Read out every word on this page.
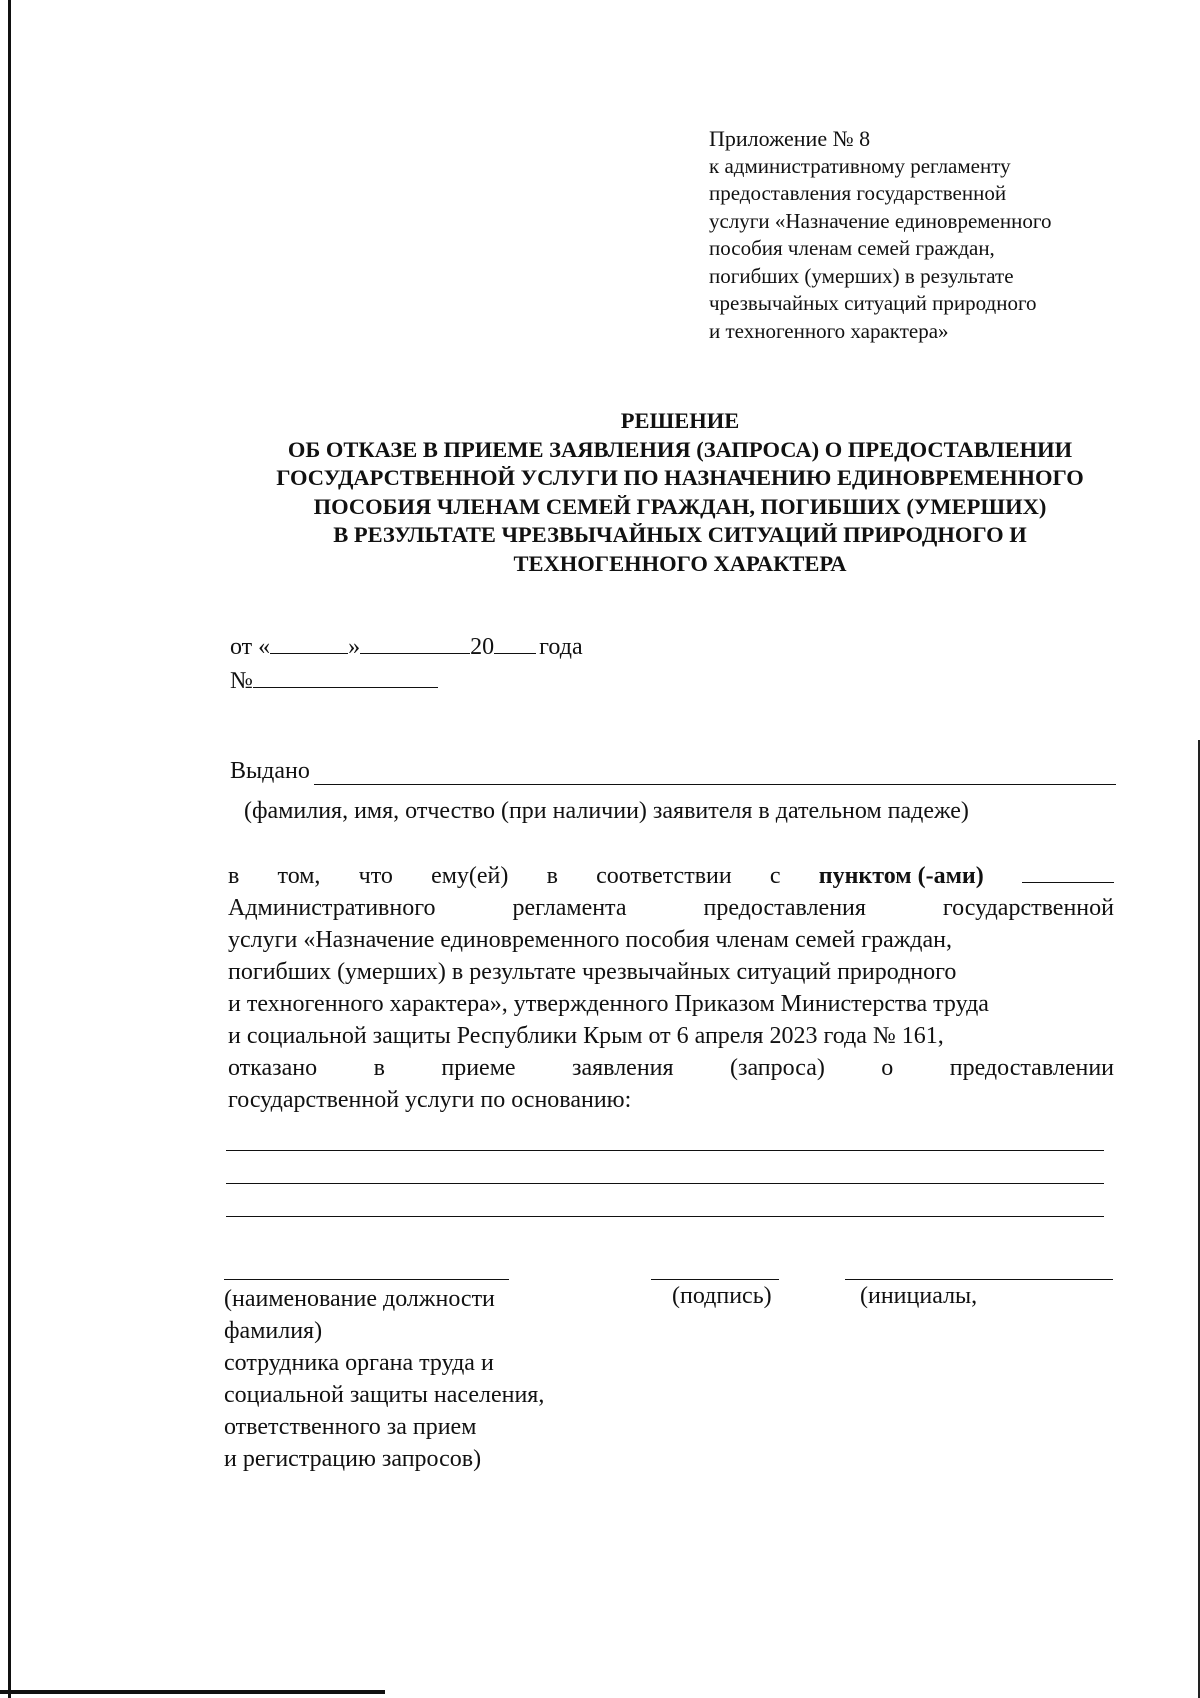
Приложение № 8
к административному регламенту
предоставления государственной
услуги «Назначение единовременного
пособия членам семей граждан,
погибших (умерших) в результате
чрезвычайных ситуаций природного
и техногенного характера»
РЕШЕНИЕ
ОБ ОТКАЗЕ В ПРИЕМЕ ЗАЯВЛЕНИЯ (ЗАПРОСА) О ПРЕДОСТАВЛЕНИИ
ГОСУДАРСТВЕННОЙ УСЛУГИ ПО НАЗНАЧЕНИЮ ЕДИНОВРЕМЕННОГО
ПОСОБИЯ ЧЛЕНАМ СЕМЕЙ ГРАЖДАН, ПОГИБШИХ (УМЕРШИХ)
В РЕЗУЛЬТАТЕ ЧРЕЗВЫЧАЙНЫХ СИТУАЦИЙ ПРИРОДНОГО И
ТЕХНОГЕННОГО ХАРАКТЕРА
от «	»	20 года
№
Выдано
(фамилия, имя, отчество (при наличии) заявителя в дательном падеже)
в том, что ему(ей) в соответствии с пунктом (-ами)
Административного	регламента	предоставления	государственной
услуги «Назначение единовременного пособия членам семей граждан,
погибших (умерших) в результате чрезвычайных ситуаций природного
и техногенного характера», утвержденного Приказом Министерства труда
и социальной защиты Республики Крым от 6 апреля 2023 года № 161,
отказано в приеме заявления (запроса) о предоставлении
государственной услуги по основанию:
(наименование должности
фамилия)
сотрудника органа труда и
социальной защиты населения,
ответственного за прием
и регистрацию запросов)
(подпись)	(инициалы,
